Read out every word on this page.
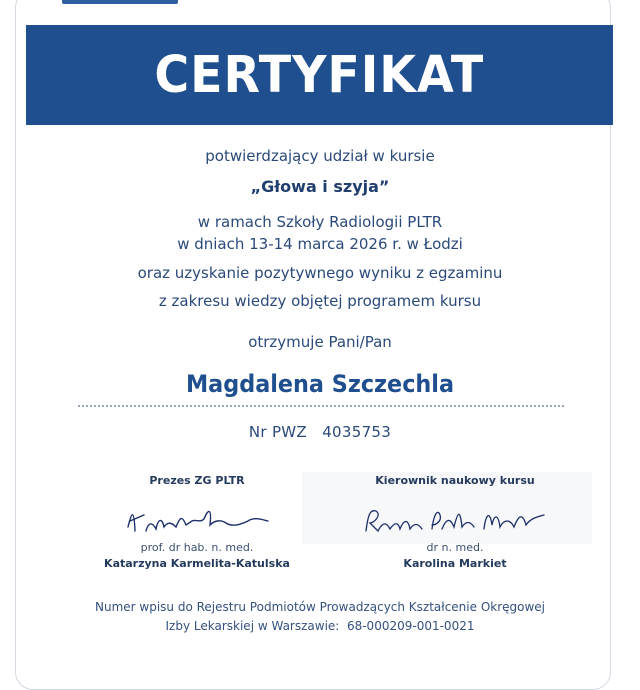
CERTYFIKAT
potwierdzający udział w kursie
„Głowa i szyja”
w ramach Szkoły Radiologii PLTR
w dniach 13-14 marca 2026 r. w Łodzi
oraz uzyskanie pozytywnego wyniku z egzaminu
z zakresu wiedzy objętej programem kursu
otrzymuje Pani/Pan
Magdalena Szczechla
Nr PWZ   4035753
Prezes ZG PLTR
prof. dr hab. n. med.
Katarzyna Karmelita-Katulska
Kierownik naukowy kursu
dr n. med.
Karolina Markiet
Numer wpisu do Rejestru Podmiotów Prowadzących Kształcenie Okręgowej
Izby Lekarskiej w Warszawie:  68-000209-001-0021
